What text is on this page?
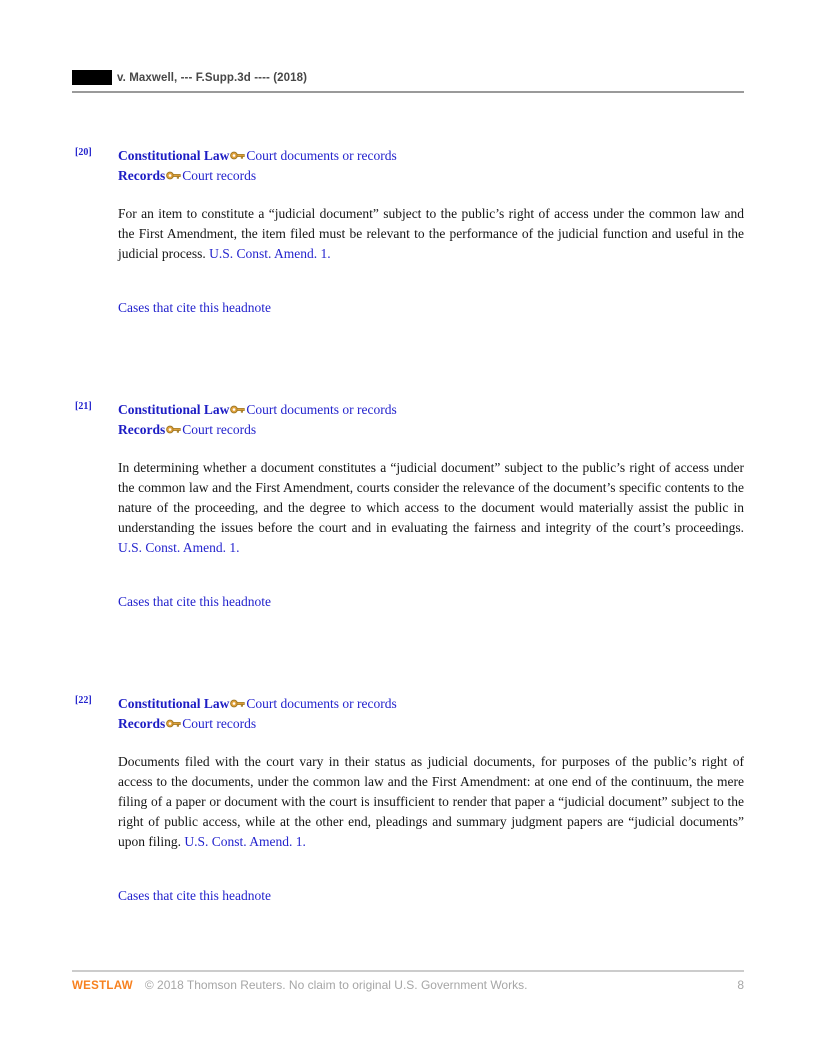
v. Maxwell, --- F.Supp.3d ---- (2018)
[20]	Constitutional Law Court documents or records
Records Court records

For an item to constitute a “judicial document” subject to the public’s right of access under the common law and the First Amendment, the item filed must be relevant to the performance of the judicial function and useful in the judicial process. U.S. Const. Amend. 1.

Cases that cite this headnote
[21]	Constitutional Law Court documents or records
Records Court records

In determining whether a document constitutes a “judicial document” subject to the public’s right of access under the common law and the First Amendment, courts consider the relevance of the document’s specific contents to the nature of the proceeding, and the degree to which access to the document would materially assist the public in understanding the issues before the court and in evaluating the fairness and integrity of the court’s proceedings. U.S. Const. Amend. 1.

Cases that cite this headnote
[22]	Constitutional Law Court documents or records
Records Court records

Documents filed with the court vary in their status as judicial documents, for purposes of the public’s right of access to the documents, under the common law and the First Amendment: at one end of the continuum, the mere filing of a paper or document with the court is insufficient to render that paper a “judicial document” subject to the right of public access, while at the other end, pleadings and summary judgment papers are “judicial documents” upon filing. U.S. Const. Amend. 1.

Cases that cite this headnote
WESTLAW © 2018 Thomson Reuters. No claim to original U.S. Government Works.	8
